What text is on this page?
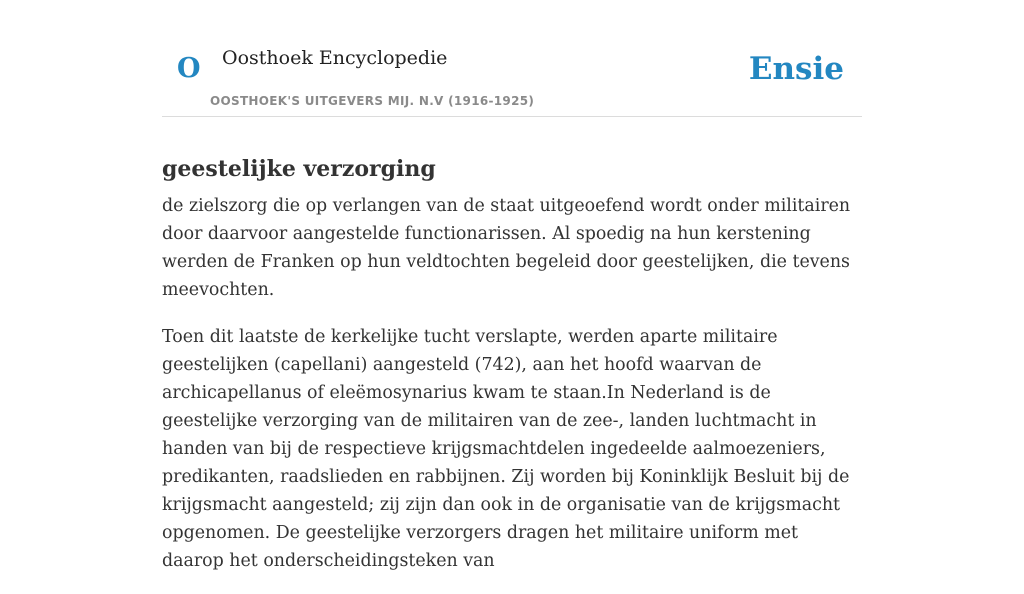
O Oosthoek Encyclopedie
OOSTHOEK'S UITGEVERS MIJ. N.V (1916-1925)
Ensie
geestelijke verzorging

de zielszorg die op verlangen van de staat uitgeoefend wordt onder militairen door daarvoor aangestelde functionarissen. Al spoedig na hun kerstening werden de Franken op hun veldtochten begeleid door geestelijken, die tevens meevochten.

Toen dit laatste de kerkelijke tucht verslapte, werden aparte militaire geestelijken (capellani) aangesteld (742), aan het hoofd waarvan de archicapellanus of eleëmosynarius kwam te staan.In Nederland is de geestelijke verzorging van de militairen van de zee-, landen luchtmacht in handen van bij de respectieve krijgsmachtdelen ingedeelde aalmoezeniers, predikanten, raadslieden en rabbijnen. Zij worden bij Koninklijk Besluit bij de krijgsmacht aangesteld; zij zijn dan ook in de organisatie van de krijgsmacht opgenomen. De geestelijke verzorgers dragen het militaire uniform met daarop het onderscheidingsteken van
